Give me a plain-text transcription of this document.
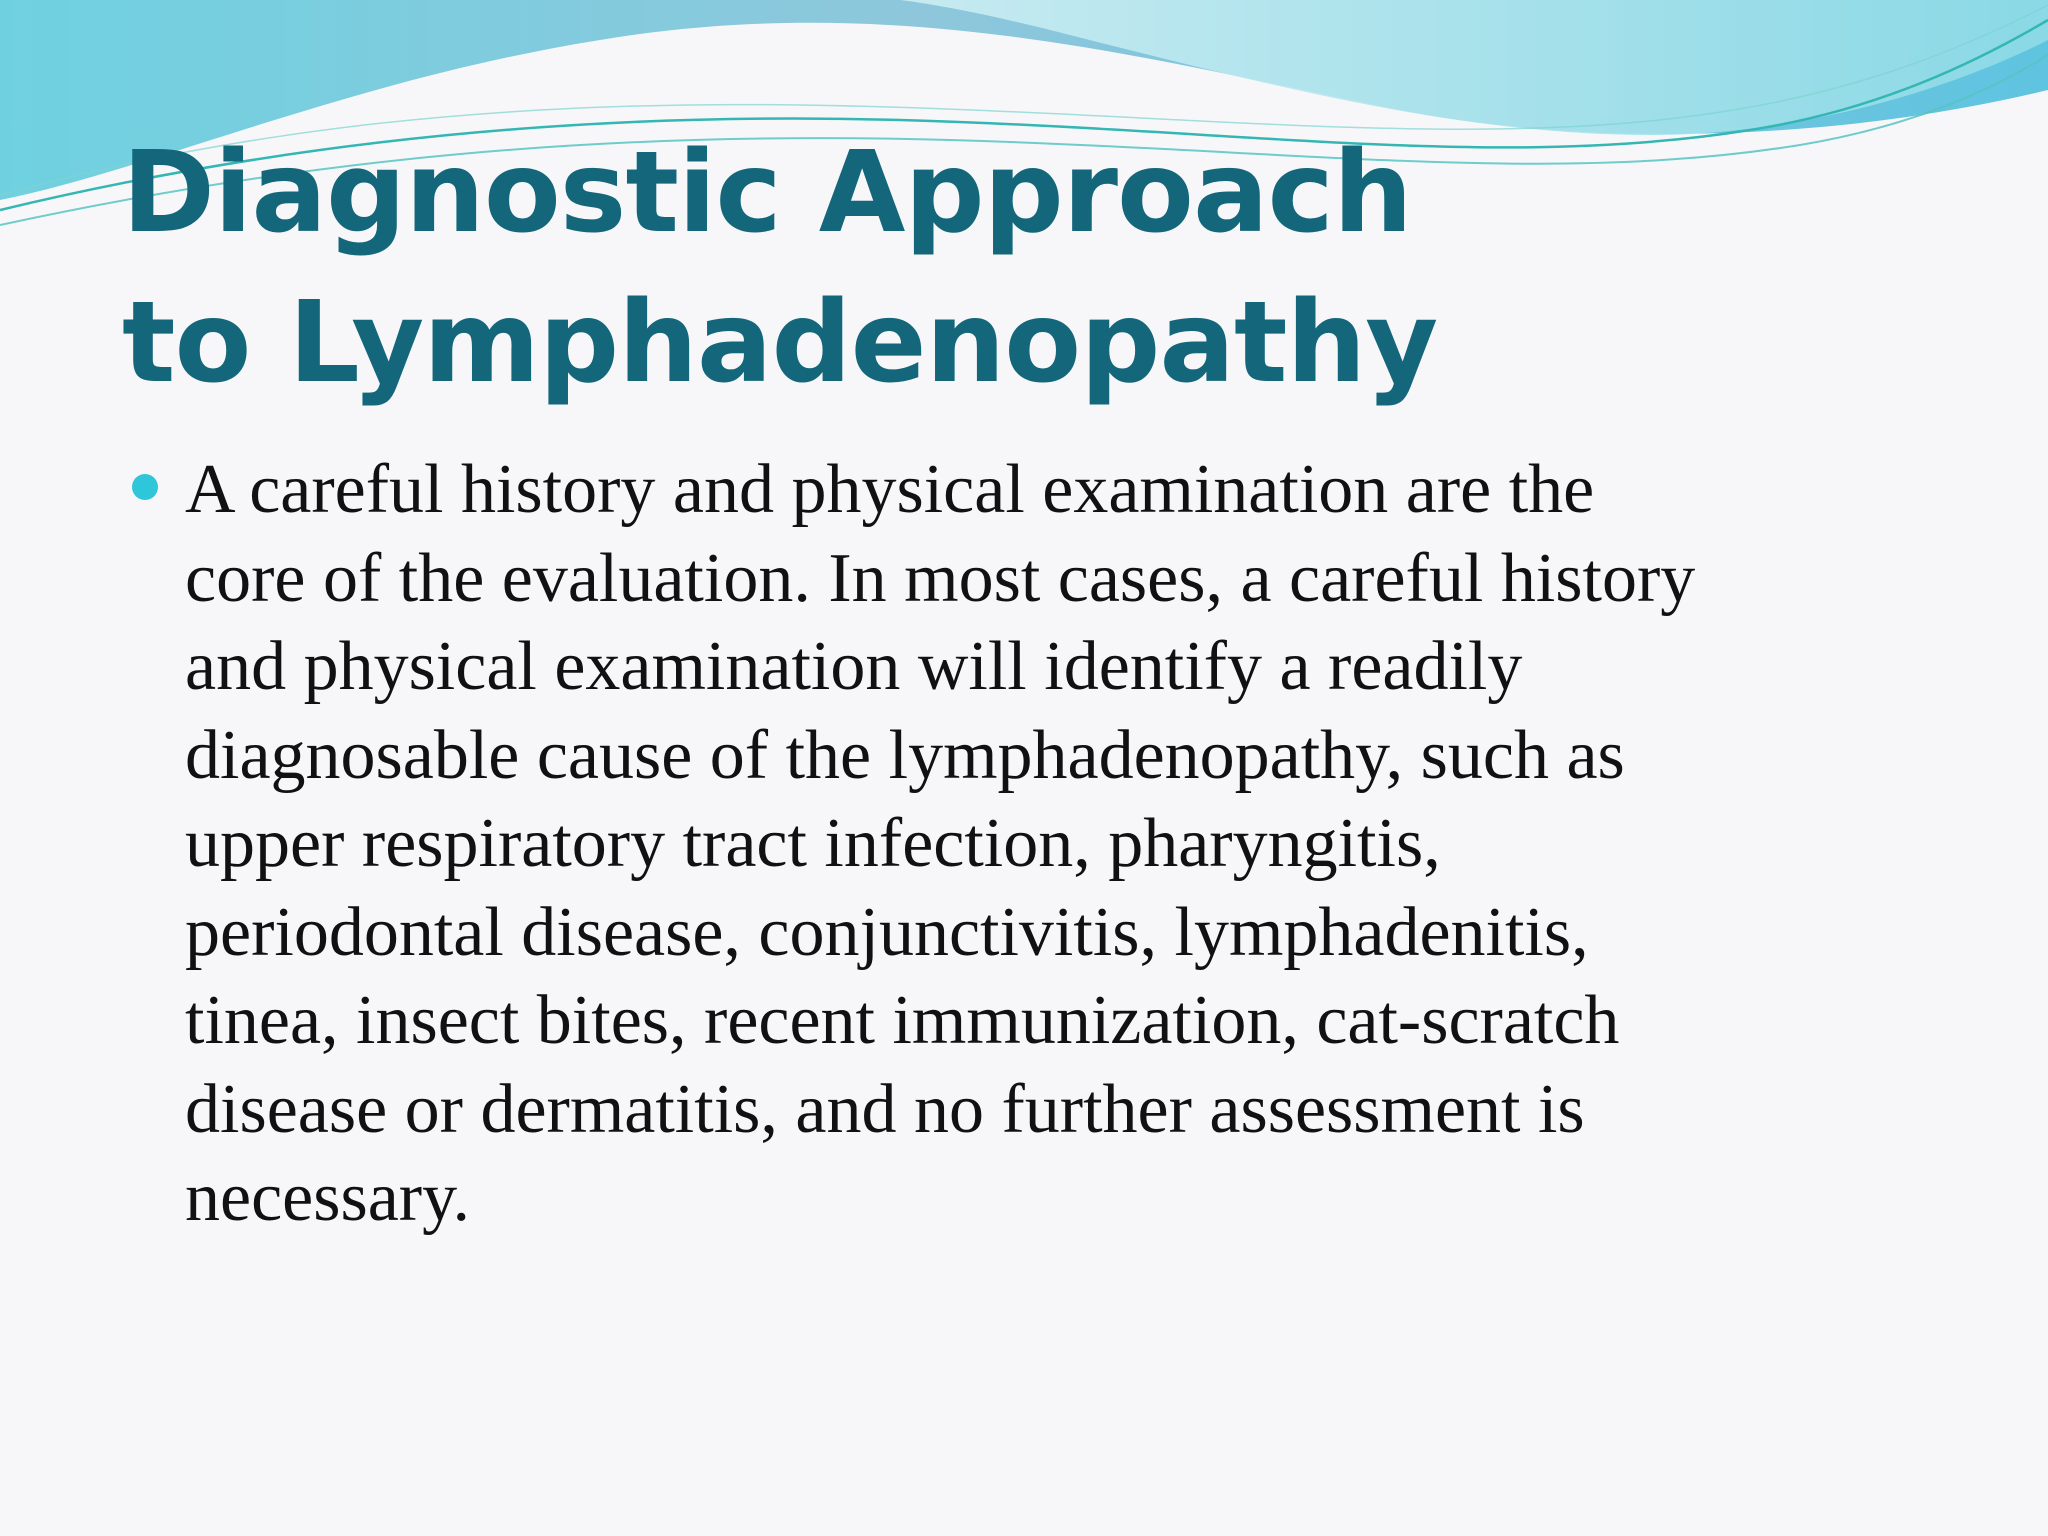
Diagnostic Approach
to Lymphadenopathy
A careful history and physical examination are the
core of the evaluation. In most cases, a careful history
and physical examination will identify a readily
diagnosable cause of the lymphadenopathy, such as
upper respiratory tract infection, pharyngitis,
periodontal disease, conjunctivitis, lymphadenitis,
tinea, insect bites, recent immunization, cat-scratch
disease or dermatitis, and no further assessment is
necessary.
